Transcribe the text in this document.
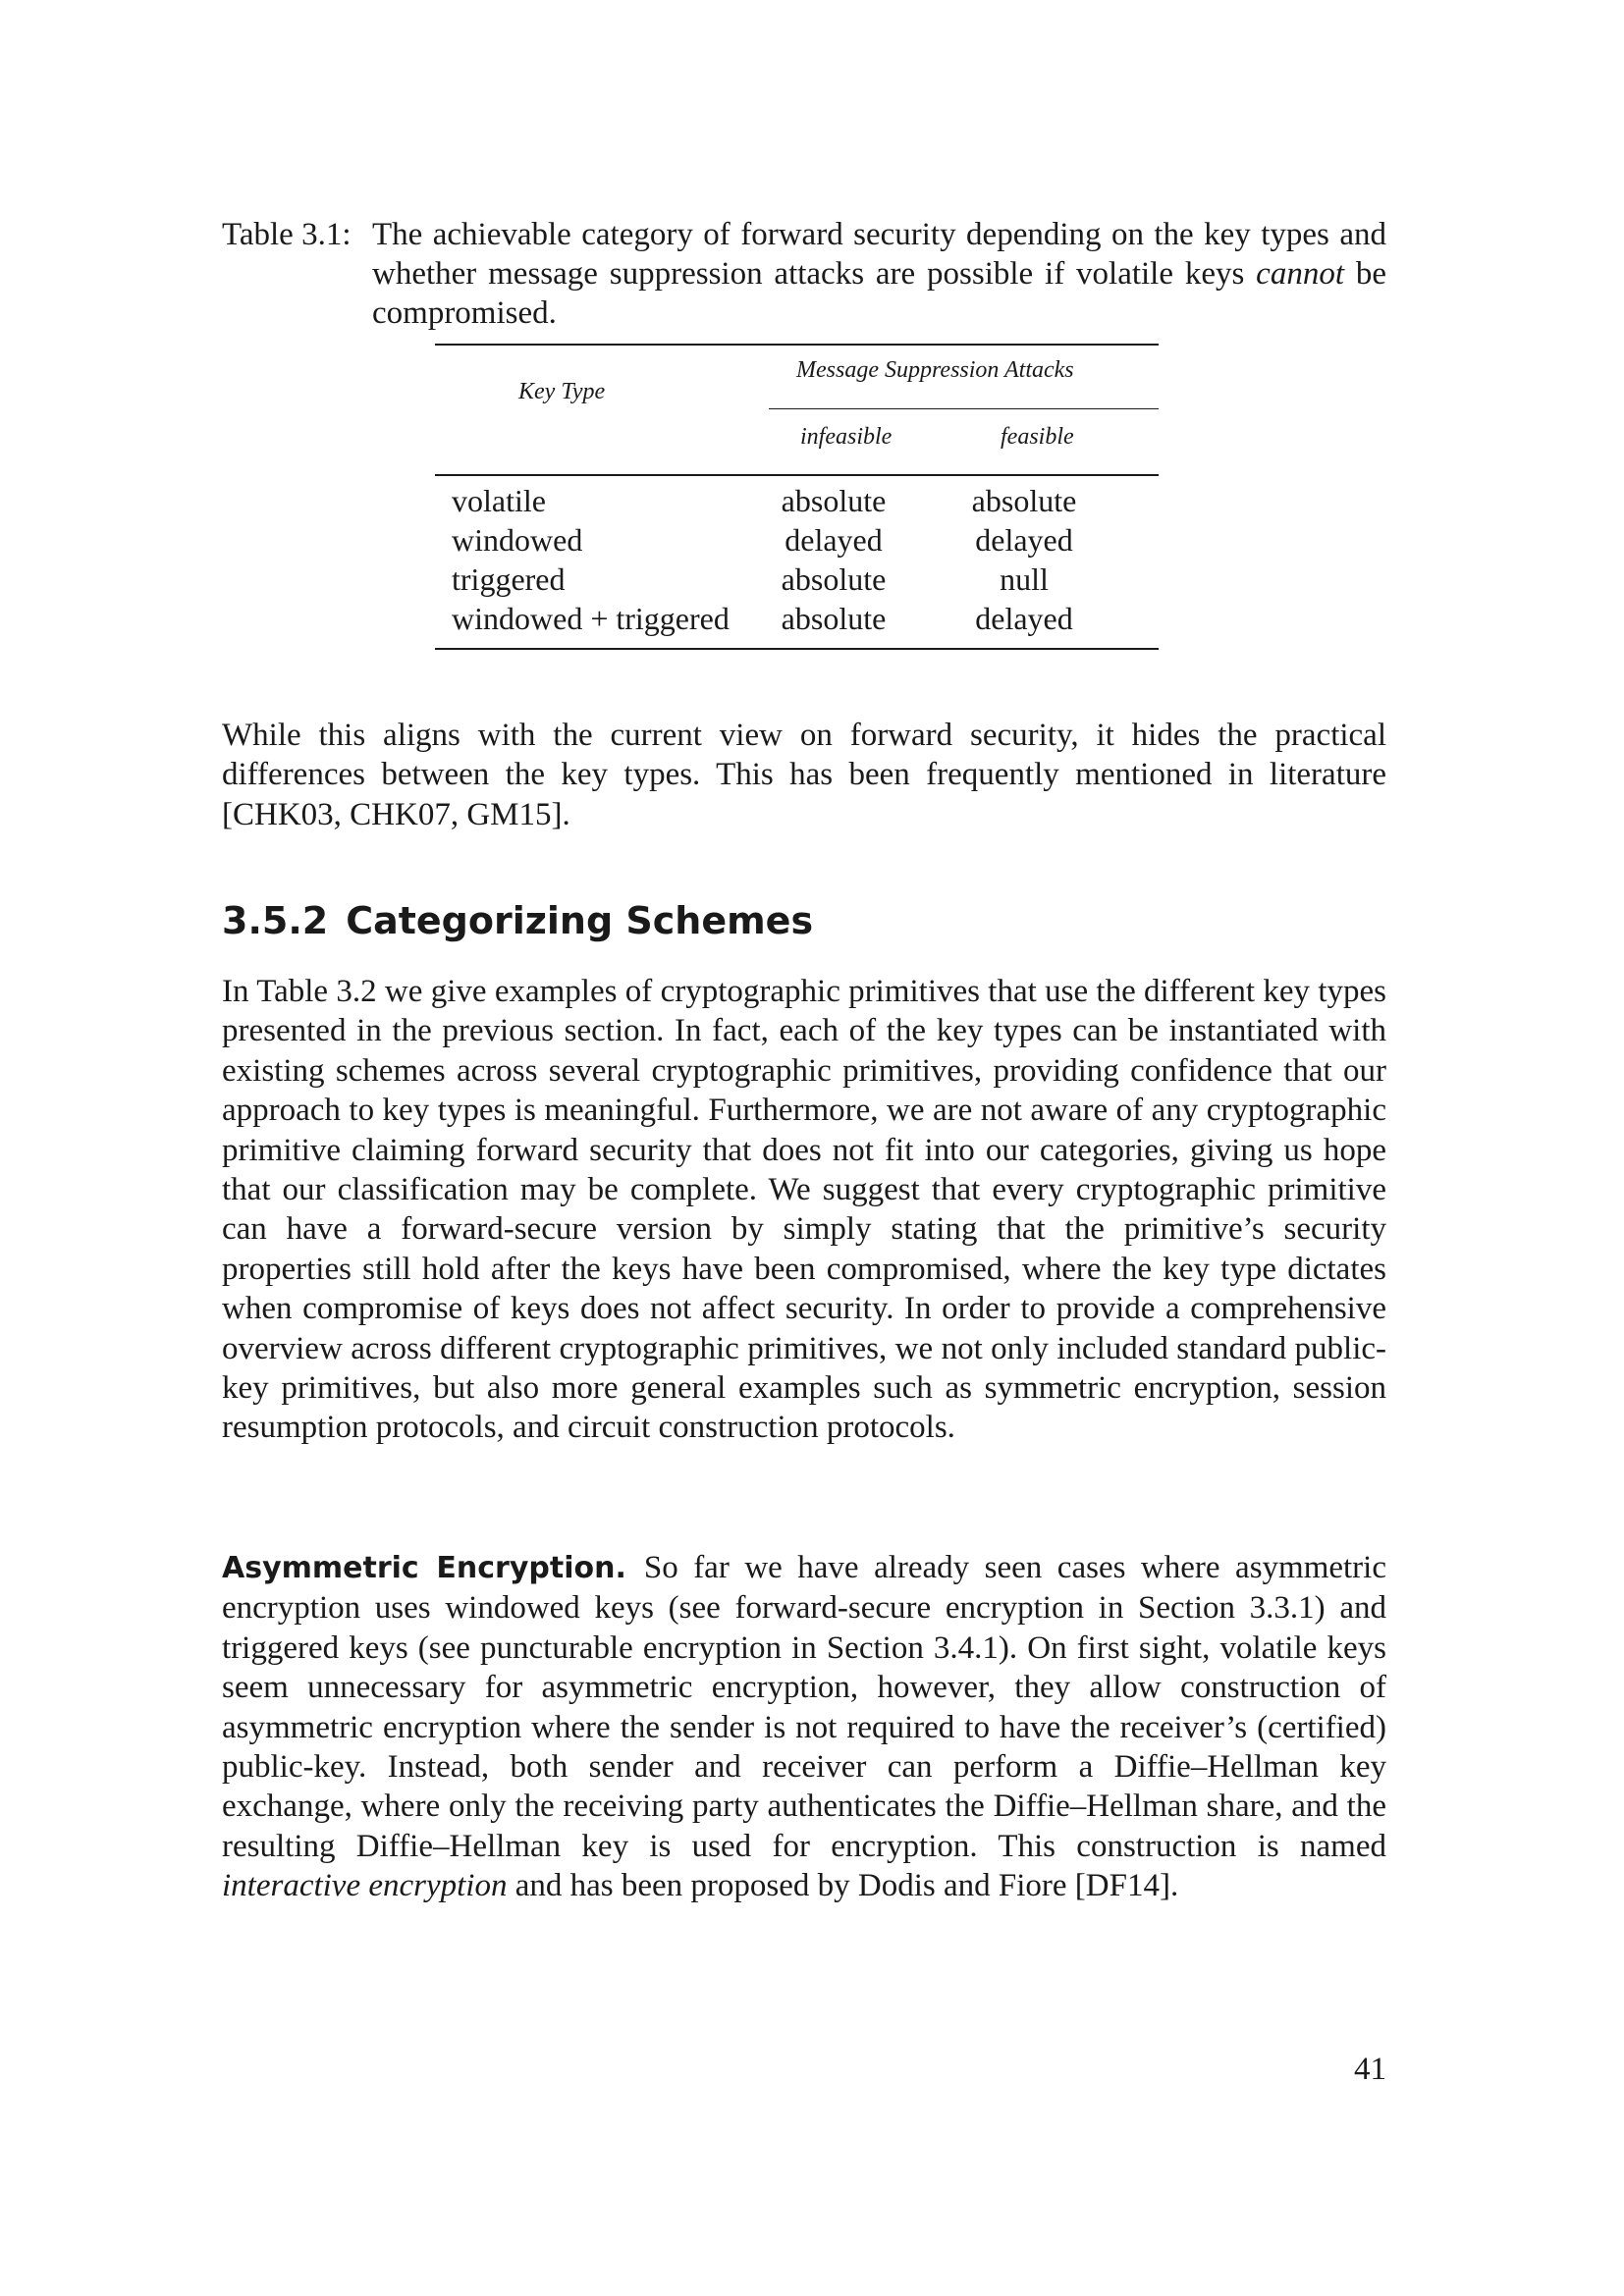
Table 3.1: The achievable category of forward security depending on the key types and whether message suppression attacks are possible if volatile keys cannot be compromised.
Key Type
Message Suppression Attacks
infeasible	feasible
volatile	absolute	absolute
windowed	delayed	delayed
triggered	absolute	null
windowed + triggered	absolute	delayed

While this aligns with the current view on forward security, it hides the practical differences between the key types. This has been frequently mentioned in literature [CHK03, CHK07, GM15].

3.5.2 Categorizing Schemes

In Table 3.2 we give examples of cryptographic primitives that use the different key types presented in the previous section. In fact, each of the key types can be instantiated with existing schemes across several cryptographic primitives, providing confidence that our approach to key types is meaningful. Furthermore, we are not aware of any cryptographic primitive claiming forward security that does not fit into our categories, giving us hope that our classification may be complete. We suggest that every cryptographic primitive can have a forward-secure version by simply stating that the primitive’s security properties still hold after the keys have been compromised, where the key type dictates when compromise of keys does not affect security. In order to provide a comprehensive overview across different cryptographic primitives, we not only included standard public-key primitives, but also more general examples such as symmetric encryption, session resumption protocols, and circuit construction protocols.

Asymmetric Encryption. So far we have already seen cases where asymmetric encryption uses windowed keys (see forward-secure encryption in Section 3.3.1) and triggered keys (see puncturable encryption in Section 3.4.1). On first sight, volatile keys seem unnecessary for asymmetric encryption, however, they allow construction of asymmetric encryption where the sender is not required to have the receiver’s (certified) public-key. Instead, both sender and receiver can perform a Diffie–Hellman key exchange, where only the receiving party authenticates the Diffie–Hellman share, and the resulting Diffie–Hellman key is used for encryption. This construction is named interactive encryption and has been proposed by Dodis and Fiore [DF14].

41
